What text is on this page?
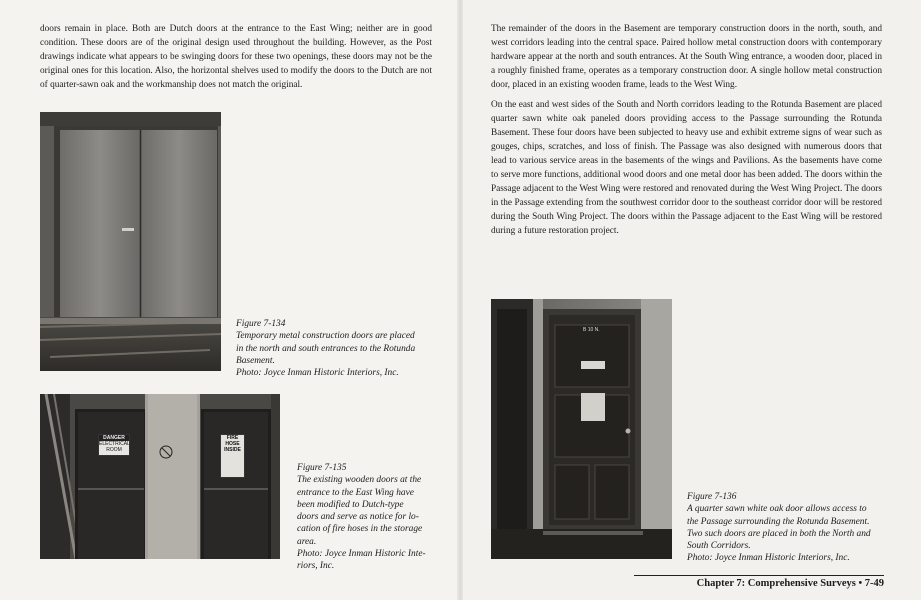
doors remain in place. Both are Dutch doors at the entrance to the East Wing; neither are in good condition. These doors are of the original design used throughout the building. However, as the Post drawings indicate what appears to be swinging doors for these two openings, these doors may not be the original ones for this location. Also, the horizontal shelves used to modify the doors to the Dutch are not of quarter-sawn oak and the workmanship does not match the original.

Figure 7-134
Temporary metal construction doors are placed
in the north and south entrances to the Rotunda
Basement.
Photo: Joyce Inman Historic Interiors, Inc.
DANGER
ELECTRICAL
ROOM
FIRE
HOSE
INSIDE
Figure 7-135
The existing wooden doors at the
entrance to the East Wing have
been modified to Dutch-type
doors and serve as notice for lo-
cation of fire hoses in the storage
area.
Photo: Joyce Inman Historic Inte-
riors, Inc.

The remainder of the doors in the Basement are temporary construction doors in the north, south, and west corridors leading into the central space. Paired hollow metal construction doors with contemporary hardware appear at the north and south entrances. At the South Wing entrance, a wooden door, placed in a roughly finished frame, operates as a temporary construction door. A single hollow metal construction door, placed in an existing wooden frame, leads to the West Wing.

On the east and west sides of the South and North corridors leading to the Rotunda Basement are placed quarter sawn white oak paneled doors providing access to the Passage surrounding the Rotunda Basement. These four doors have been subjected to heavy use and exhibit extreme signs of wear such as gouges, chips, scratches, and loss of finish. The Passage was also designed with numerous doors that lead to various service areas in the basements of the wings and Pavilions. As the basements have come to serve more functions, additional wood doors and one metal door has been added. The doors within the Passage adjacent to the West Wing were restored and renovated during the West Wing Project. The doors in the Passage extending from the southwest corridor door to the southeast corridor door will be restored during the South Wing Project. The doors within the Passage adjacent to the East Wing will be restored during a future restoration project.

B 10 N.
Figure 7-136
A quarter sawn white oak door allows access to
the Passage surrounding the Rotunda Basement.
Two such doors are placed in both the North and
South Corridors.
Photo: Joyce Inman Historic Interiors, Inc.
Chapter 7: Comprehensive Surveys • 7-49
